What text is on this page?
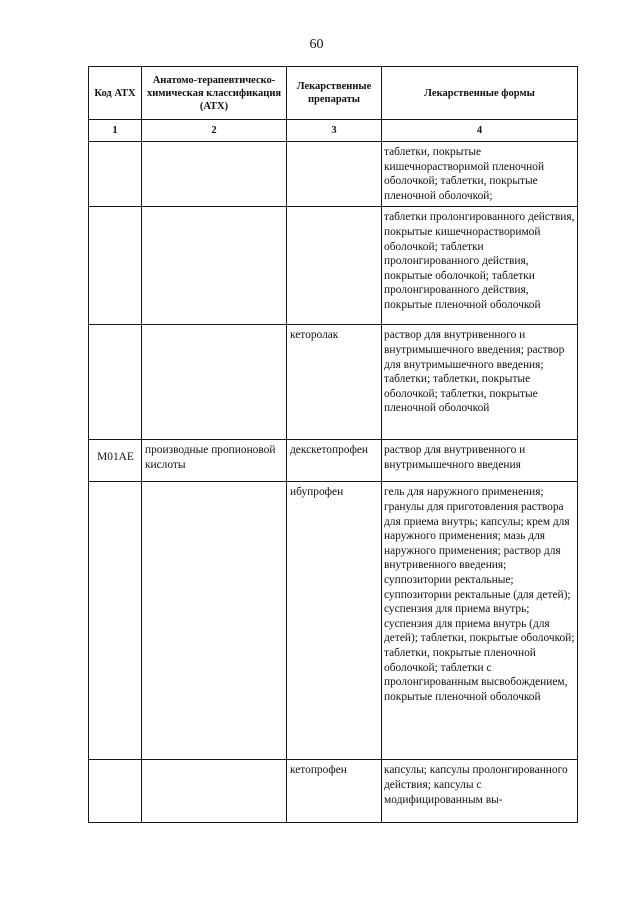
60
Код АТХ	Анатомо-терапевтическо-химическая классификация (АТХ)	Лекарственные препараты	Лекарственные формы
1	2	3	4

			таблетки, покрытые кишечнорастворимой пленочной оболочкой; таблетки, покрытые пленочной оболочкой;

			таблетки пролонгированного действия, покрытые кишечнорастворимой оболочкой; таблетки пролонгированного действия, покрытые оболочкой; таблетки пролонгированного действия, покрытые пленочной оболочкой

		кеторолак	раствор для внутривенного и внутримышечного введения; раствор для внутримышечного введения; таблетки; таблетки, покрытые оболочкой; таблетки, покрытые пленочной оболочкой

M01AE	производные пропионовой кислоты	декскетопрофен	раствор для внутривенного и внутримышечного введения

		ибупрофен	гель для наружного применения; гранулы для приготовления раствора для приема внутрь; капсулы; крем для наружного применения; мазь для наружного применения; раствор для внутривенного введения; суппозитории ректальные; суппозитории ректальные (для детей); суспензия для приема внутрь; суспензия для приема внутрь (для детей); таблетки, покрытые оболочкой; таблетки, покрытые пленочной оболочкой; таблетки с пролонгированным высвобождением, покрытые пленочной оболочкой

		кетопрофен	капсулы; капсулы пролонгированного действия; капсулы с модифицированным вы-
